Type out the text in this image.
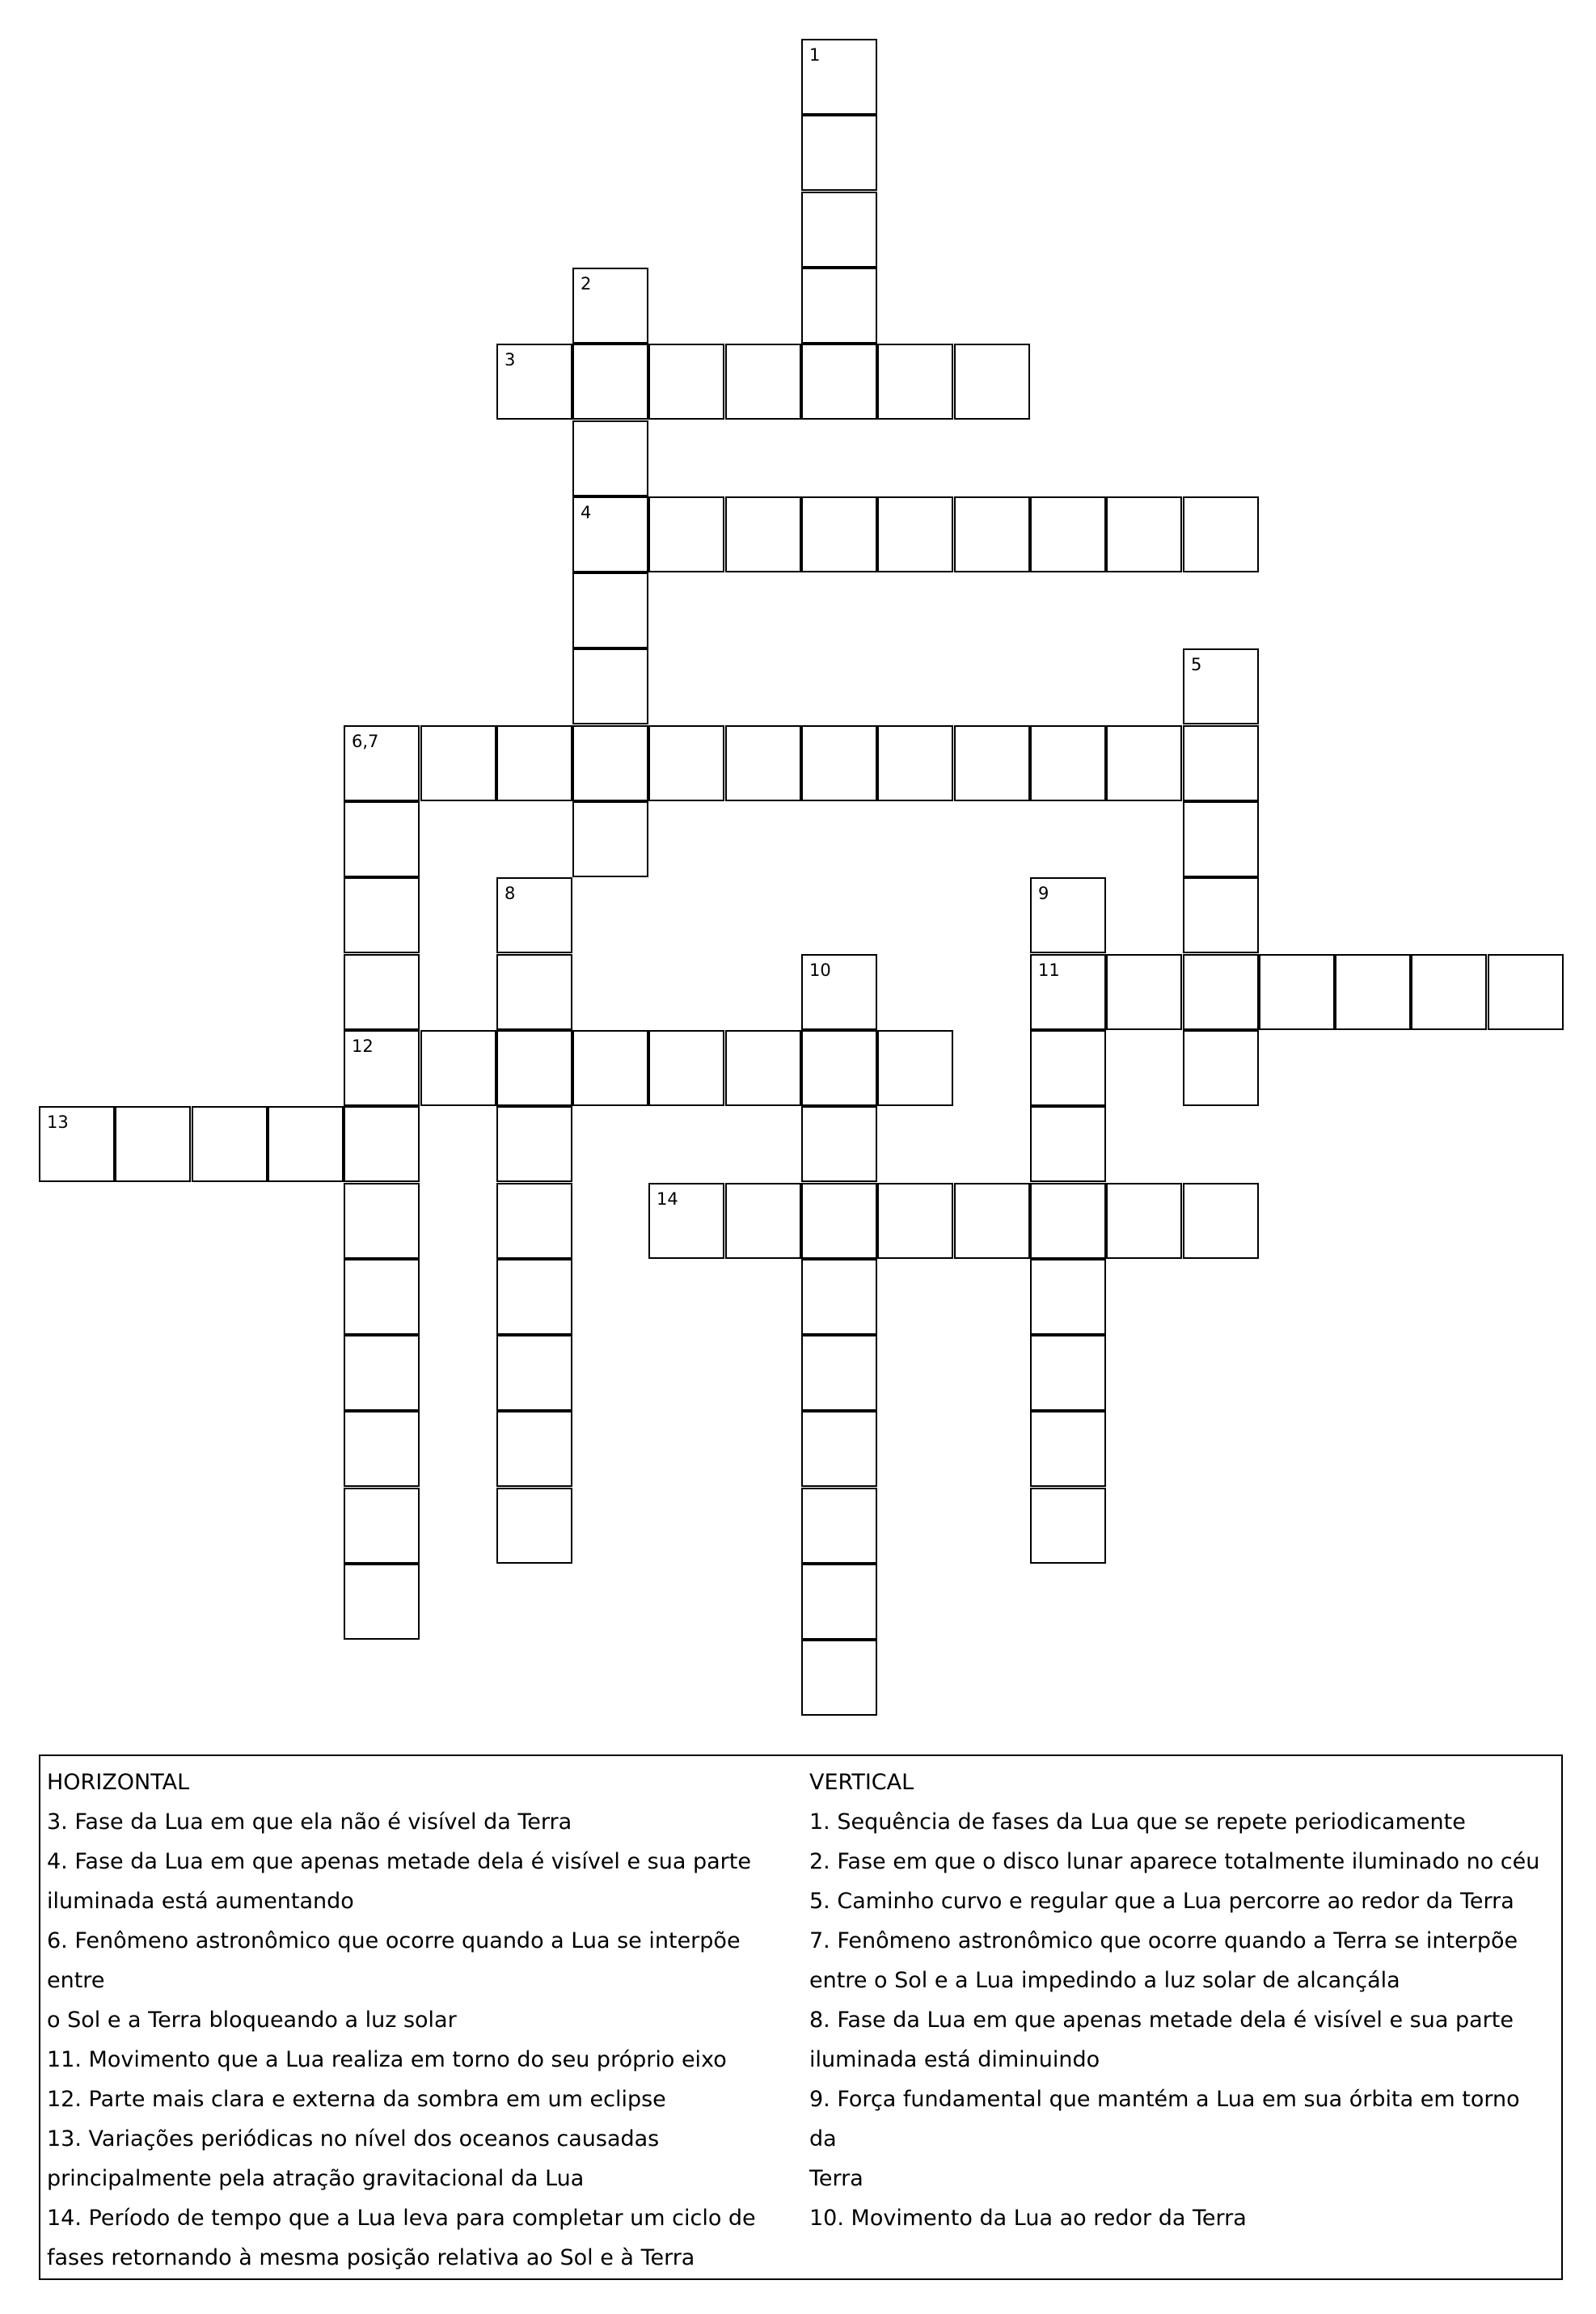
1
2
3
4
5
6,7
8	9
10	11
12
13
14
HORIZONTAL
3. Fase da Lua em que ela não é visível da Terra
4. Fase da Lua em que apenas metade dela é visível e sua parte
iluminada está aumentando
6. Fenômeno astronômico que ocorre quando a Lua se interpõe entre
o Sol e a Terra bloqueando a luz solar
11. Movimento que a Lua realiza em torno do seu próprio eixo
12. Parte mais clara e externa da sombra em um eclipse
13. Variações periódicas no nível dos oceanos causadas
principalmente pela atração gravitacional da Lua
14. Período de tempo que a Lua leva para completar um ciclo de
fases retornando à mesma posição relativa ao Sol e à Terra
VERTICAL
1. Sequência de fases da Lua que se repete periodicamente
2. Fase em que o disco lunar aparece totalmente iluminado no céu
5. Caminho curvo e regular que a Lua percorre ao redor da Terra
7. Fenômeno astronômico que ocorre quando a Terra se interpõe
entre o Sol e a Lua impedindo a luz solar de alcançála
8. Fase da Lua em que apenas metade dela é visível e sua parte
iluminada está diminuindo
9. Força fundamental que mantém a Lua em sua órbita em torno da
Terra
10. Movimento da Lua ao redor da Terra
